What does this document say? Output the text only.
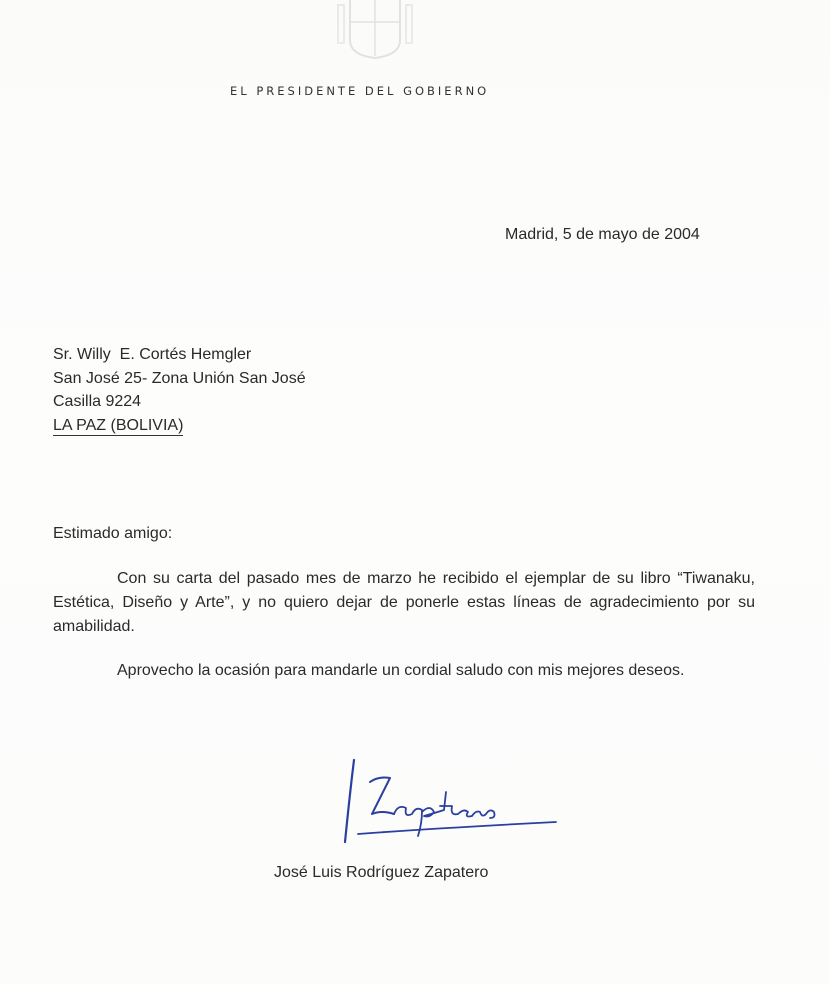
EL PRESIDENTE DEL GOBIERNO
Madrid, 5 de mayo de 2004
Sr. Willy  E. Cortés Hemgler
San José 25- Zona Unión San José
Casilla 9224
LA PAZ (BOLIVIA)
Estimado amigo:
Con su carta del pasado mes de marzo he recibido el ejemplar de su libro “Tiwanaku, Estética, Diseño y Arte”, y no quiero dejar de ponerle estas líneas de agradecimiento por su amabilidad.
Aprovecho la ocasión para mandarle un cordial saludo con mis mejores deseos.
José Luis Rodríguez Zapatero
